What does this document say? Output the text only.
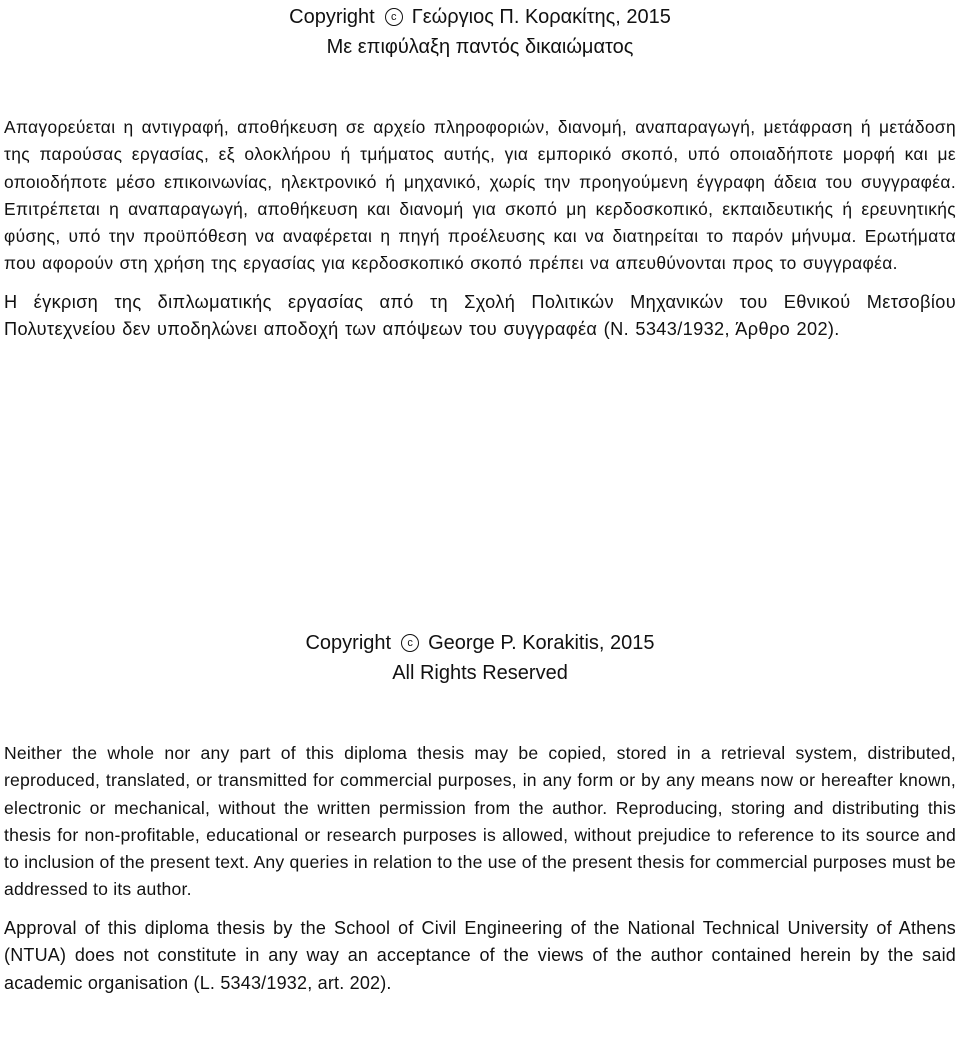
Copyright	c Γεώργιος Π. Κορακίτης, 2015

Με επιφύλαξη παντός δικαιώματος

Απαγορεύεται η αντιγραφή, αποθήκευση σε αρχείο πληροφοριών, διανομή, αναπαραγωγή, μετάφραση ή μετάδοση της παρούσας εργασίας, εξ ολοκλήρου ή τμήματος αυτής, για εμπορικό σκοπό, υπό οποιαδήποτε μορφή και με οποιοδήποτε μέσο επικοινωνίας, ηλεκτρονικό ή μηχανικό, χωρίς την προηγούμενη έγγραφη άδεια του συγγραφέα. Επιτρέπεται η αναπαραγωγή, αποθήκευση και διανομή για σκοπό μη κερδοσκοπικό, εκπαιδευτικής ή ερευνητικής φύσης, υπό την προϋπόθεση να αναφέρεται η πηγή προέλευσης και να διατηρείται το παρόν μήνυμα. Ερωτήματα που αφορούν στη χρήση της εργασίας για κερδοσκοπικό σκοπό πρέπει να απευθύνονται προς το συγγραφέα.

Η έγκριση της διπλωματικής εργασίας από τη Σχολή Πολιτικών Μηχανικών του Εθνικού Μετσοβίου Πολυτεχνείου δεν υποδηλώνει αποδοχή των απόψεων του συγγραφέα (Ν. 5343/1932, Άρθρο 202).

Copyright	c George P. Korakitis, 2015

All Rights Reserved

Neither the whole nor any part of this diploma thesis may be copied, stored in a retrieval system, distributed, reproduced, translated, or transmitted for commercial purposes, in any form or by any means now or hereafter known, electronic or mechanical, without the written permission from the author. Reproducing, storing and distributing this thesis for non-profitable, educational or research purposes is allowed, without prejudice to reference to its source and to inclusion of the present text. Any queries in relation to the use of the present thesis for commercial purposes must be addressed to its author.

Approval of this diploma thesis by the School of Civil Engineering of the National Technical University of Athens (NTUA) does not constitute in any way an acceptance of the views of the author contained herein by the said academic organisation (L. 5343/1932, art. 202).
